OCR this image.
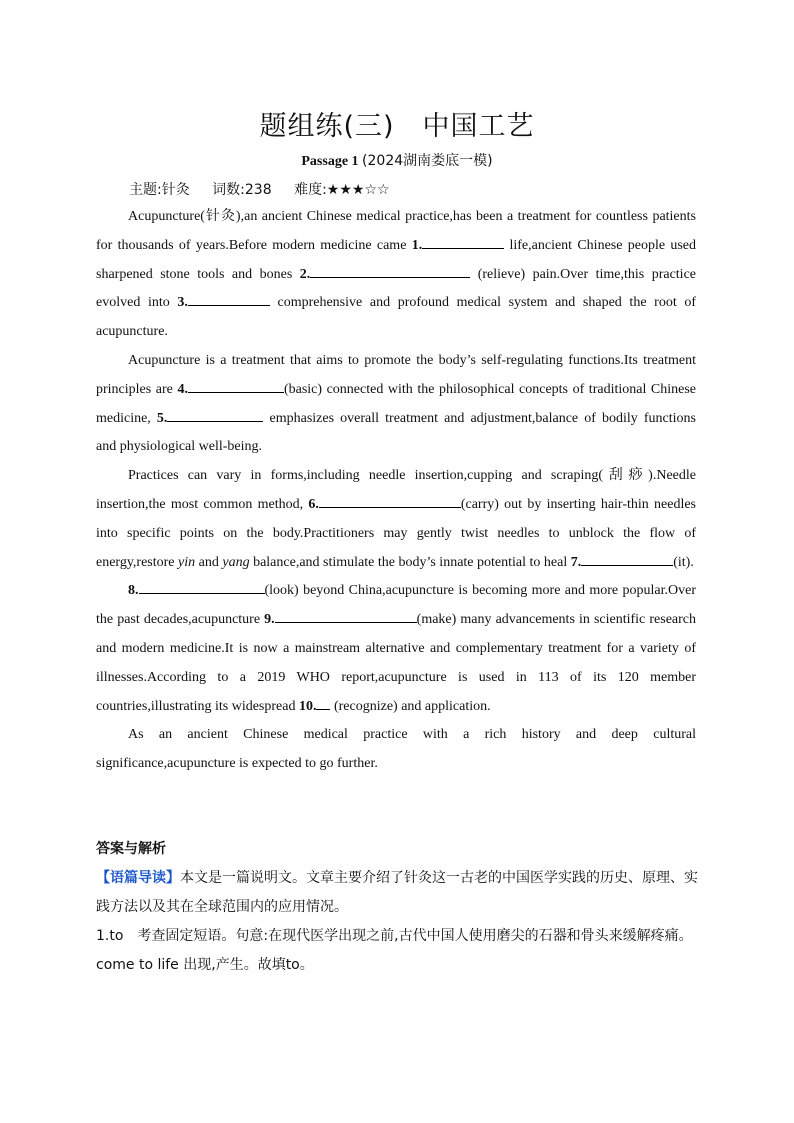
题组练(三)　中国工艺
Passage 1 (2024湖南娄底一模)
主题:针灸 词数:238 难度:★★★☆☆

Acupuncture(针灸),an ancient Chinese medical practice,has been a treatment for countless patients for thousands of years.Before modern medicine came 1.	life,ancient Chinese people used sharpened stone tools and bones 2.	(relieve) pain.Over time,this practice evolved into 3.	comprehensive and profound medical system and shaped the root of acupuncture.

Acupuncture is a treatment that aims to promote the body’s self-regulating functions.Its treatment principles are 4.	(basic) connected with the philosophical concepts of traditional Chinese medicine, 5.	emphasizes overall treatment and adjustment,balance of bodily functions and physiological well-being.

Practices can vary in forms,including needle insertion,cupping and scraping(刮痧).Needle insertion,the most common method, 6.	(carry) out by inserting hair-thin needles into specific points on the body.Practitioners may gently twist needles to unblock the flow of energy,restore yin and yang balance,and stimulate the body’s innate potential to heal 7.	(it).

8.	(look) beyond China,acupuncture is becoming more and more popular.Over the past decades,acupuncture 9.	(make) many advancements in scientific research and modern medicine.It is now a mainstream alternative and complementary treatment for a variety of illnesses.According to a 2019 WHO report,acupuncture is used in 113 of its 120 member countries,illustrating its widespread 10. (recognize) and application.

As an ancient Chinese medical practice with a rich history and deep cultural significance,acupuncture is expected to go further.

答案与解析
【语篇导读】本文是一篇说明文。文章主要介绍了针灸这一古老的中国医学实践的历史、原理、实践方法以及其在全球范围内的应用情况。
1.to　考查固定短语。句意:在现代医学出现之前,古代中国人使用磨尖的石器和骨头来缓解疼痛。come to life 出现,产生。故填to。
